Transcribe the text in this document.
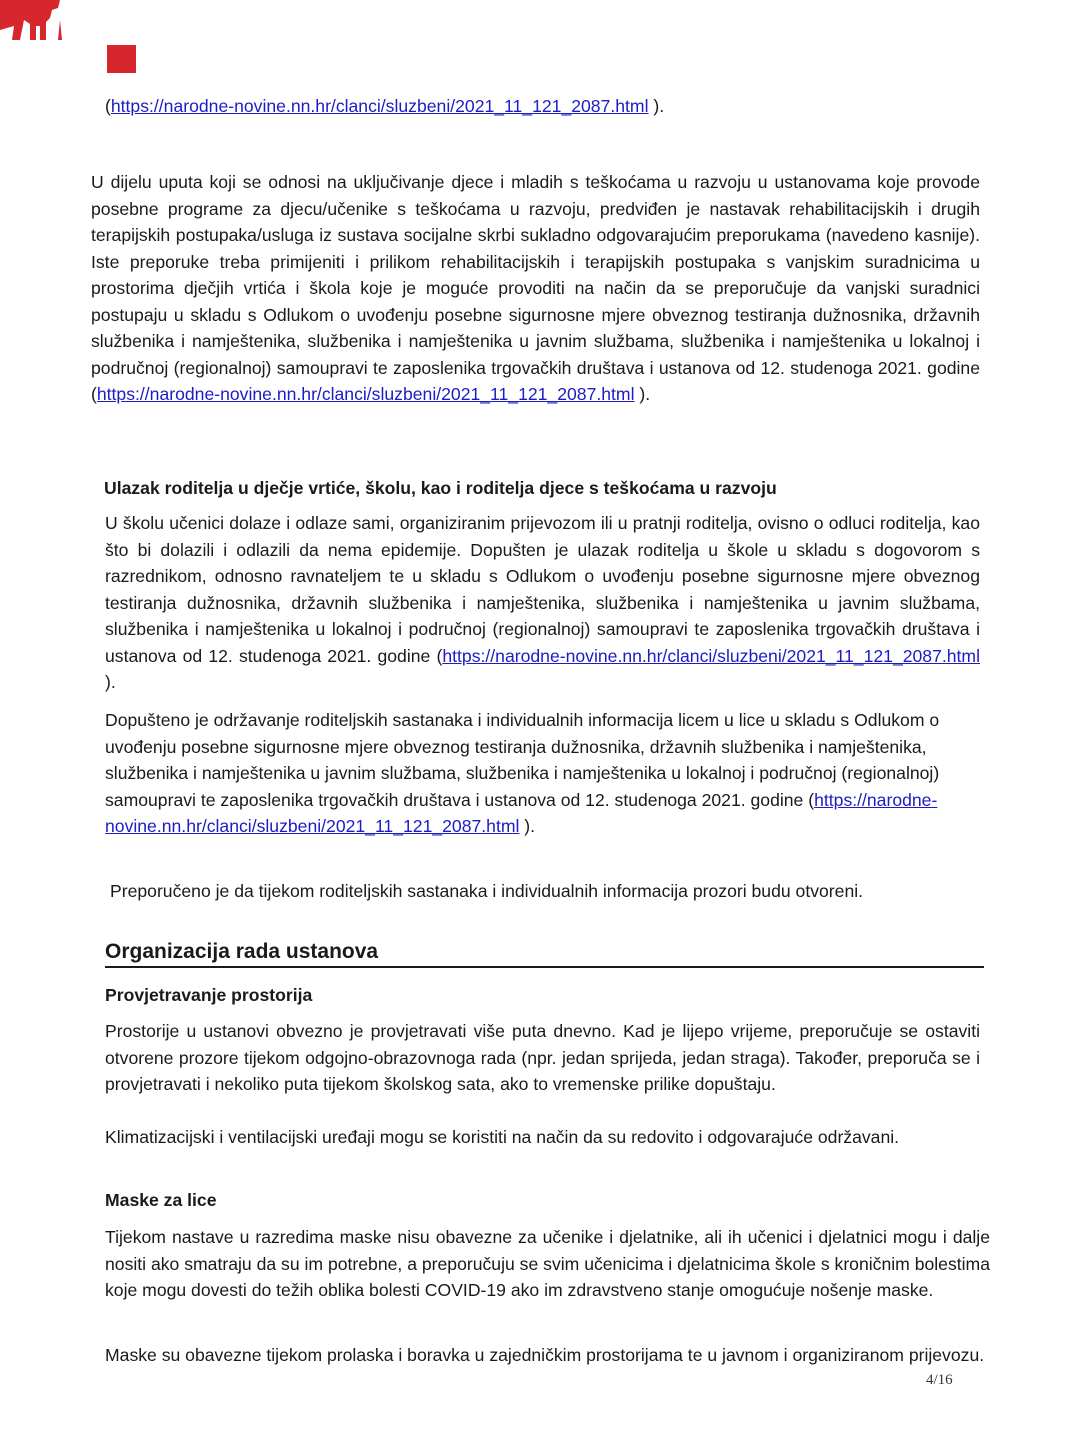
(https://narodne-novine.nn.hr/clanci/sluzbeni/2021_11_121_2087.html ).

U dijelu uputa koji se odnosi na uključivanje djece i mladih s teškoćama u razvoju u ustanovama koje provode posebne programe za djecu/učenike s teškoćama u razvoju, predviđen je nastavak rehabilitacijskih i drugih terapijskih postupaka/usluga iz sustava socijalne skrbi sukladno odgovarajućim preporukama (navedeno kasnije). Iste preporuke treba primijeniti i prilikom rehabilitacijskih i terapijskih postupaka s vanjskim suradnicima u prostorima dječjih vrtića i škola koje je moguće provoditi na način da se preporučuje da vanjski suradnici postupaju u skladu s Odlukom o uvođenju posebne sigurnosne mjere obveznog testiranja dužnosnika, državnih službenika i namještenika, službenika i namještenika u javnim službama, službenika i namještenika u lokalnoj i područnoj (regionalnoj) samoupravi te zaposlenika trgovačkih društava i ustanova od 12. studenoga 2021. godine (https://narodne-novine.nn.hr/clanci/sluzbeni/2021_11_121_2087.html ).

Ulazak roditelja u dječje vrtiće, školu, kao i roditelja djece s teškoćama u razvoju

U školu učenici dolaze i odlaze sami, organiziranim prijevozom ili u pratnji roditelja, ovisno o odluci roditelja, kao što bi dolazili i odlazili da nema epidemije. Dopušten je ulazak roditelja u škole u skladu s dogovorom s razrednikom, odnosno ravnateljem te u skladu s Odlukom o uvođenju posebne sigurnosne mjere obveznog testiranja dužnosnika, državnih službenika i namještenika, službenika i namještenika u javnim službama, službenika i namještenika u lokalnoj i područnoj (regionalnoj) samoupravi te zaposlenika trgovačkih društava i ustanova od 12. studenoga 2021. godine (https://narodne-novine.nn.hr/clanci/sluzbeni/2021_11_121_2087.html ).

Dopušteno je održavanje roditeljskih sastanaka i individualnih informacija licem u lice u skladu s Odlukom o uvođenju posebne sigurnosne mjere obveznog testiranja dužnosnika, državnih službenika i namještenika, službenika i namještenika u javnim službama, službenika i namještenika u lokalnoj i područnoj (regionalnoj) samoupravi te zaposlenika trgovačkih društava i ustanova od 12. studenoga 2021. godine (https://narodne-novine.nn.hr/clanci/sluzbeni/2021_11_121_2087.html ).

Preporučeno je da tijekom roditeljskih sastanaka i individualnih informacija prozori budu otvoreni.

Organizacija rada ustanova
Provjetravanje prostorija

Prostorije u ustanovi obvezno je provjetravati više puta dnevno. Kad je lijepo vrijeme, preporučuje se ostaviti otvorene prozore tijekom odgojno-obrazovnoga rada (npr. jedan sprijeda, jedan straga). Također, preporuča se i provjetravati i nekoliko puta tijekom školskog sata, ako to vremenske prilike dopuštaju.

Klimatizacijski i ventilacijski uređaji mogu se koristiti na način da su redovito i odgovarajuće održavani.

Maske za lice

Tijekom nastave u razredima maske nisu obavezne za učenike i djelatnike, ali ih učenici i djelatnici mogu i dalje nositi ako smatraju da su im potrebne, a preporučuju se svim učenicima i djelatnicima škole s kroničnim bolestima koje mogu dovesti do težih oblika bolesti COVID-19 ako im zdravstveno stanje omogućuje nošenje maske.

Maske su obavezne tijekom prolaska i boravka u zajedničkim prostorijama te u javnom i organiziranom prijevozu.

4/16
